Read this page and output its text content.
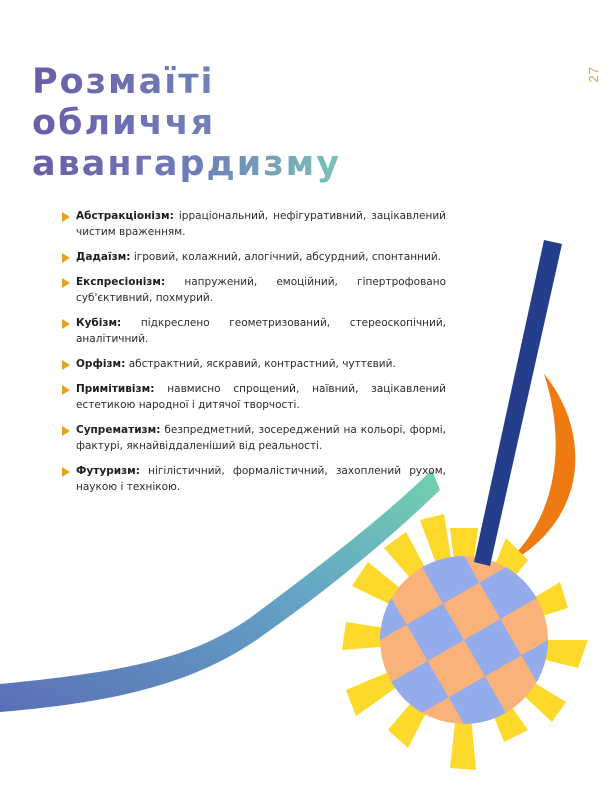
27
Розмаїті
обличчя
авангардизму
Абстракціонізм: ірраціональний, нефігуративний, зацікавлений чистим враженням.
Дадаїзм: ігровий, колажний, алогічний, абсурдний, спонтанний.
Експресіонізм: напружений, емоційний, гіпертрофовано суб'єктивний, похмурий.
Кубізм: підкреслено геометризований, стереоскопічний, аналітичний.
Орфізм: абстрактний, яскравий, контрастний, чуттєвий.
Примітивізм: навмисно спрощений, наївний, зацікавлений естетикою народної і дитячої творчості.
Супрематизм: безпредметний, зосереджений на кольорі, формі, фактурі, якнайвіддаленіший від реальності.
Футуризм: нігілістичний, формалістичний, захоплений рухом, наукою і технікою.
